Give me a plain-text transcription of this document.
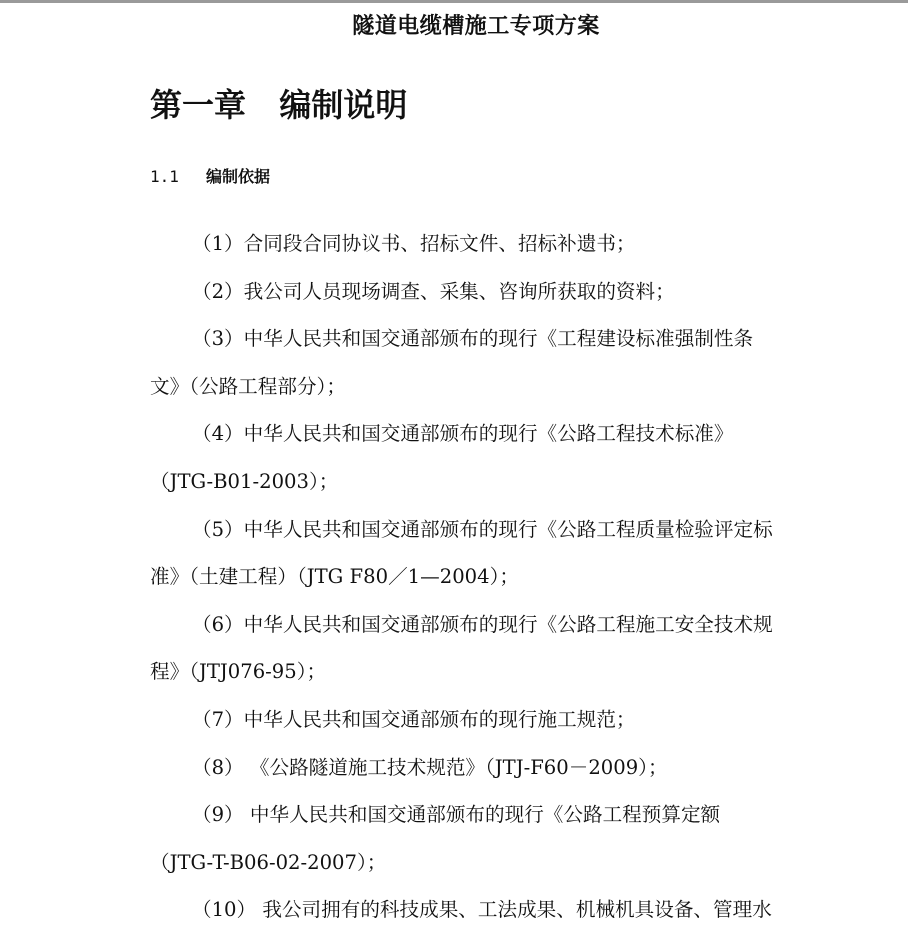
隧道电缆槽施工专项方案
第一章   编制说明
1.1 编制依据
（1）合同段合同协议书、招标文件、招标补遗书；
（2）我公司人员现场调查、采集、咨询所获取的资料；
（3）中华人民共和国交通部颁布的现行《工程建设标准强制性条
文》（公路工程部分）；
（4）中华人民共和国交通部颁布的现行《公路工程技术标准》
（JTG-B01-2003）；
（5）中华人民共和国交通部颁布的现行《公路工程质量检验评定标
准》（土建工程）（JTG F80／1—2004）；
（6）中华人民共和国交通部颁布的现行《公路工程施工安全技术规
程》（JTJ076-95）；
（7）中华人民共和国交通部颁布的现行施工规范；
（8） 《公路隧道施工技术规范》（JTJ-F60－2009）；
（9） 中华人民共和国交通部颁布的现行《公路工程预算定额
（JTG-T-B06-02-2007）；
（10） 我公司拥有的科技成果、工法成果、机械机具设备、管理水
